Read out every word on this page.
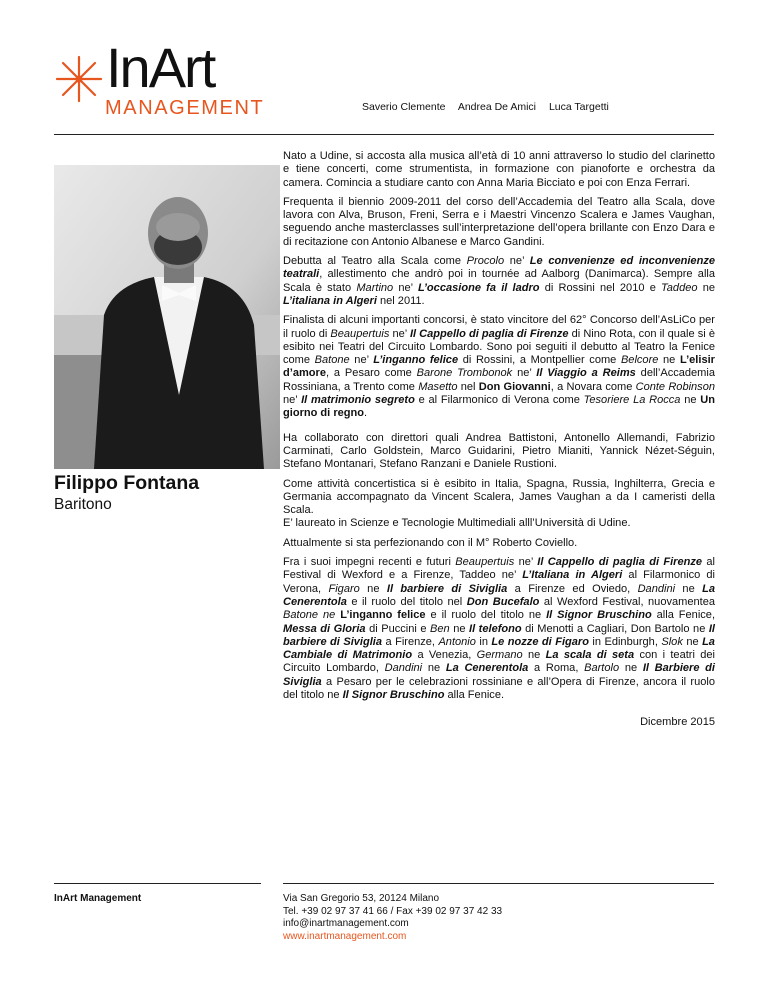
InArt
MANAGEMENT	Saverio Clemente Andrea De Amici Luca Targetti
Filippo Fontana
Baritono

Nato a Udine, si accosta alla musica all’età di 10 anni attraverso lo studio del clarinetto e tiene concerti, come strumentista, in formazione con pianoforte e orchestra da camera. Comincia a studiare canto con Anna Maria Bicciato e poi con Enza Ferrari.

Frequenta il biennio 2009-2011 del corso dell’Accademia del Teatro alla Scala, dove lavora con Alva, Bruson, Freni, Serra e i Maestri Vincenzo Scalera e James Vaughan, seguendo anche masterclasses sull’interpretazione dell’opera brillante con Enzo Dara e di recitazione con Antonio Albanese e Marco Gandini.

Debutta al Teatro alla Scala come Procolo ne’ Le convenienze ed inconvenienze teatrali, allestimento che andrò poi in tournée ad Aalborg (Danimarca). Sempre alla Scala è stato Martino ne’ L’occasione fa il ladro di Rossini nel 2010 e Taddeo ne L’italiana in Algeri nel 2011.

Finalista di alcuni importanti concorsi, è stato vincitore del 62° Concorso dell’AsLiCo per il ruolo di Beaupertuis ne’ Il Cappello di paglia di Firenze di Nino Rota, con il quale si è esibito nei Teatri del Circuito Lombardo. Sono poi seguiti il debutto al Teatro la Fenice come Batone ne’ L’inganno felice di Rossini, a Montpellier come Belcore ne L’elisir d’amore, a Pesaro come Barone Trombonok ne’ Il Viaggio a Reims dell’Accademia Rossiniana, a Trento come Masetto nel Don Giovanni, a Novara come Conte Robinson ne’ Il matrimonio segreto e al Filarmonico di Verona come Tesoriere La Rocca ne Un giorno di regno.

Ha collaborato con direttori quali Andrea Battistoni, Antonello Allemandi, Fabrizio Carminati, Carlo Goldstein, Marco Guidarini, Pietro Mianiti, Yannick Nézet-Séguin, Stefano Montanari, Stefano Ranzani e Daniele Rustioni.

Come attività concertistica si è esibito in Italia, Spagna, Russia, Inghilterra, Grecia e Germania accompagnato da Vincent Scalera, James Vaughan a da I cameristi della Scala.
E’ laureato in Scienze e Tecnologie Multimediali alll’Università di Udine.

Attualmente si sta perfezionando con il M° Roberto Coviello.

Fra i suoi impegni recenti e futuri Beaupertuis ne’ Il Cappello di paglia di Firenze al Festival di Wexford e a Firenze, Taddeo ne’ L’Italiana in Algeri al Filarmonico di Verona, Figaro ne Il barbiere di Siviglia a Firenze ed Oviedo, Dandini ne La Cenerentola e il ruolo del titolo nel Don Bucefalo al Wexford Festival, nuovamentea Batone ne L’inganno felice e il ruolo del titolo ne Il Signor Bruschino alla Fenice, Messa di Gloria di Puccini e Ben ne Il telefono di Menotti a Cagliari, Don Bartolo ne Il barbiere di Siviglia a Firenze, Antonio in Le nozze di Figaro in Edinburgh, Slok ne La Cambiale di Matrimonio a Venezia, Germano ne La scala di seta con i teatri dei Circuito Lombardo, Dandini ne La Cenerentola a Roma, Bartolo ne Il Barbiere di Siviglia a Pesaro per le celebrazioni rossiniane e all’Opera di Firenze, ancora il ruolo del titolo ne Il Signor Bruschino alla Fenice.

Dicembre 2015

InArt Management	Via San Gregorio 53, 20124 Milano
Tel. +39 02 97 37 41 66 / Fax +39 02 97 37 42 33
info@inartmanagement.com
www.inartmanagement.com
